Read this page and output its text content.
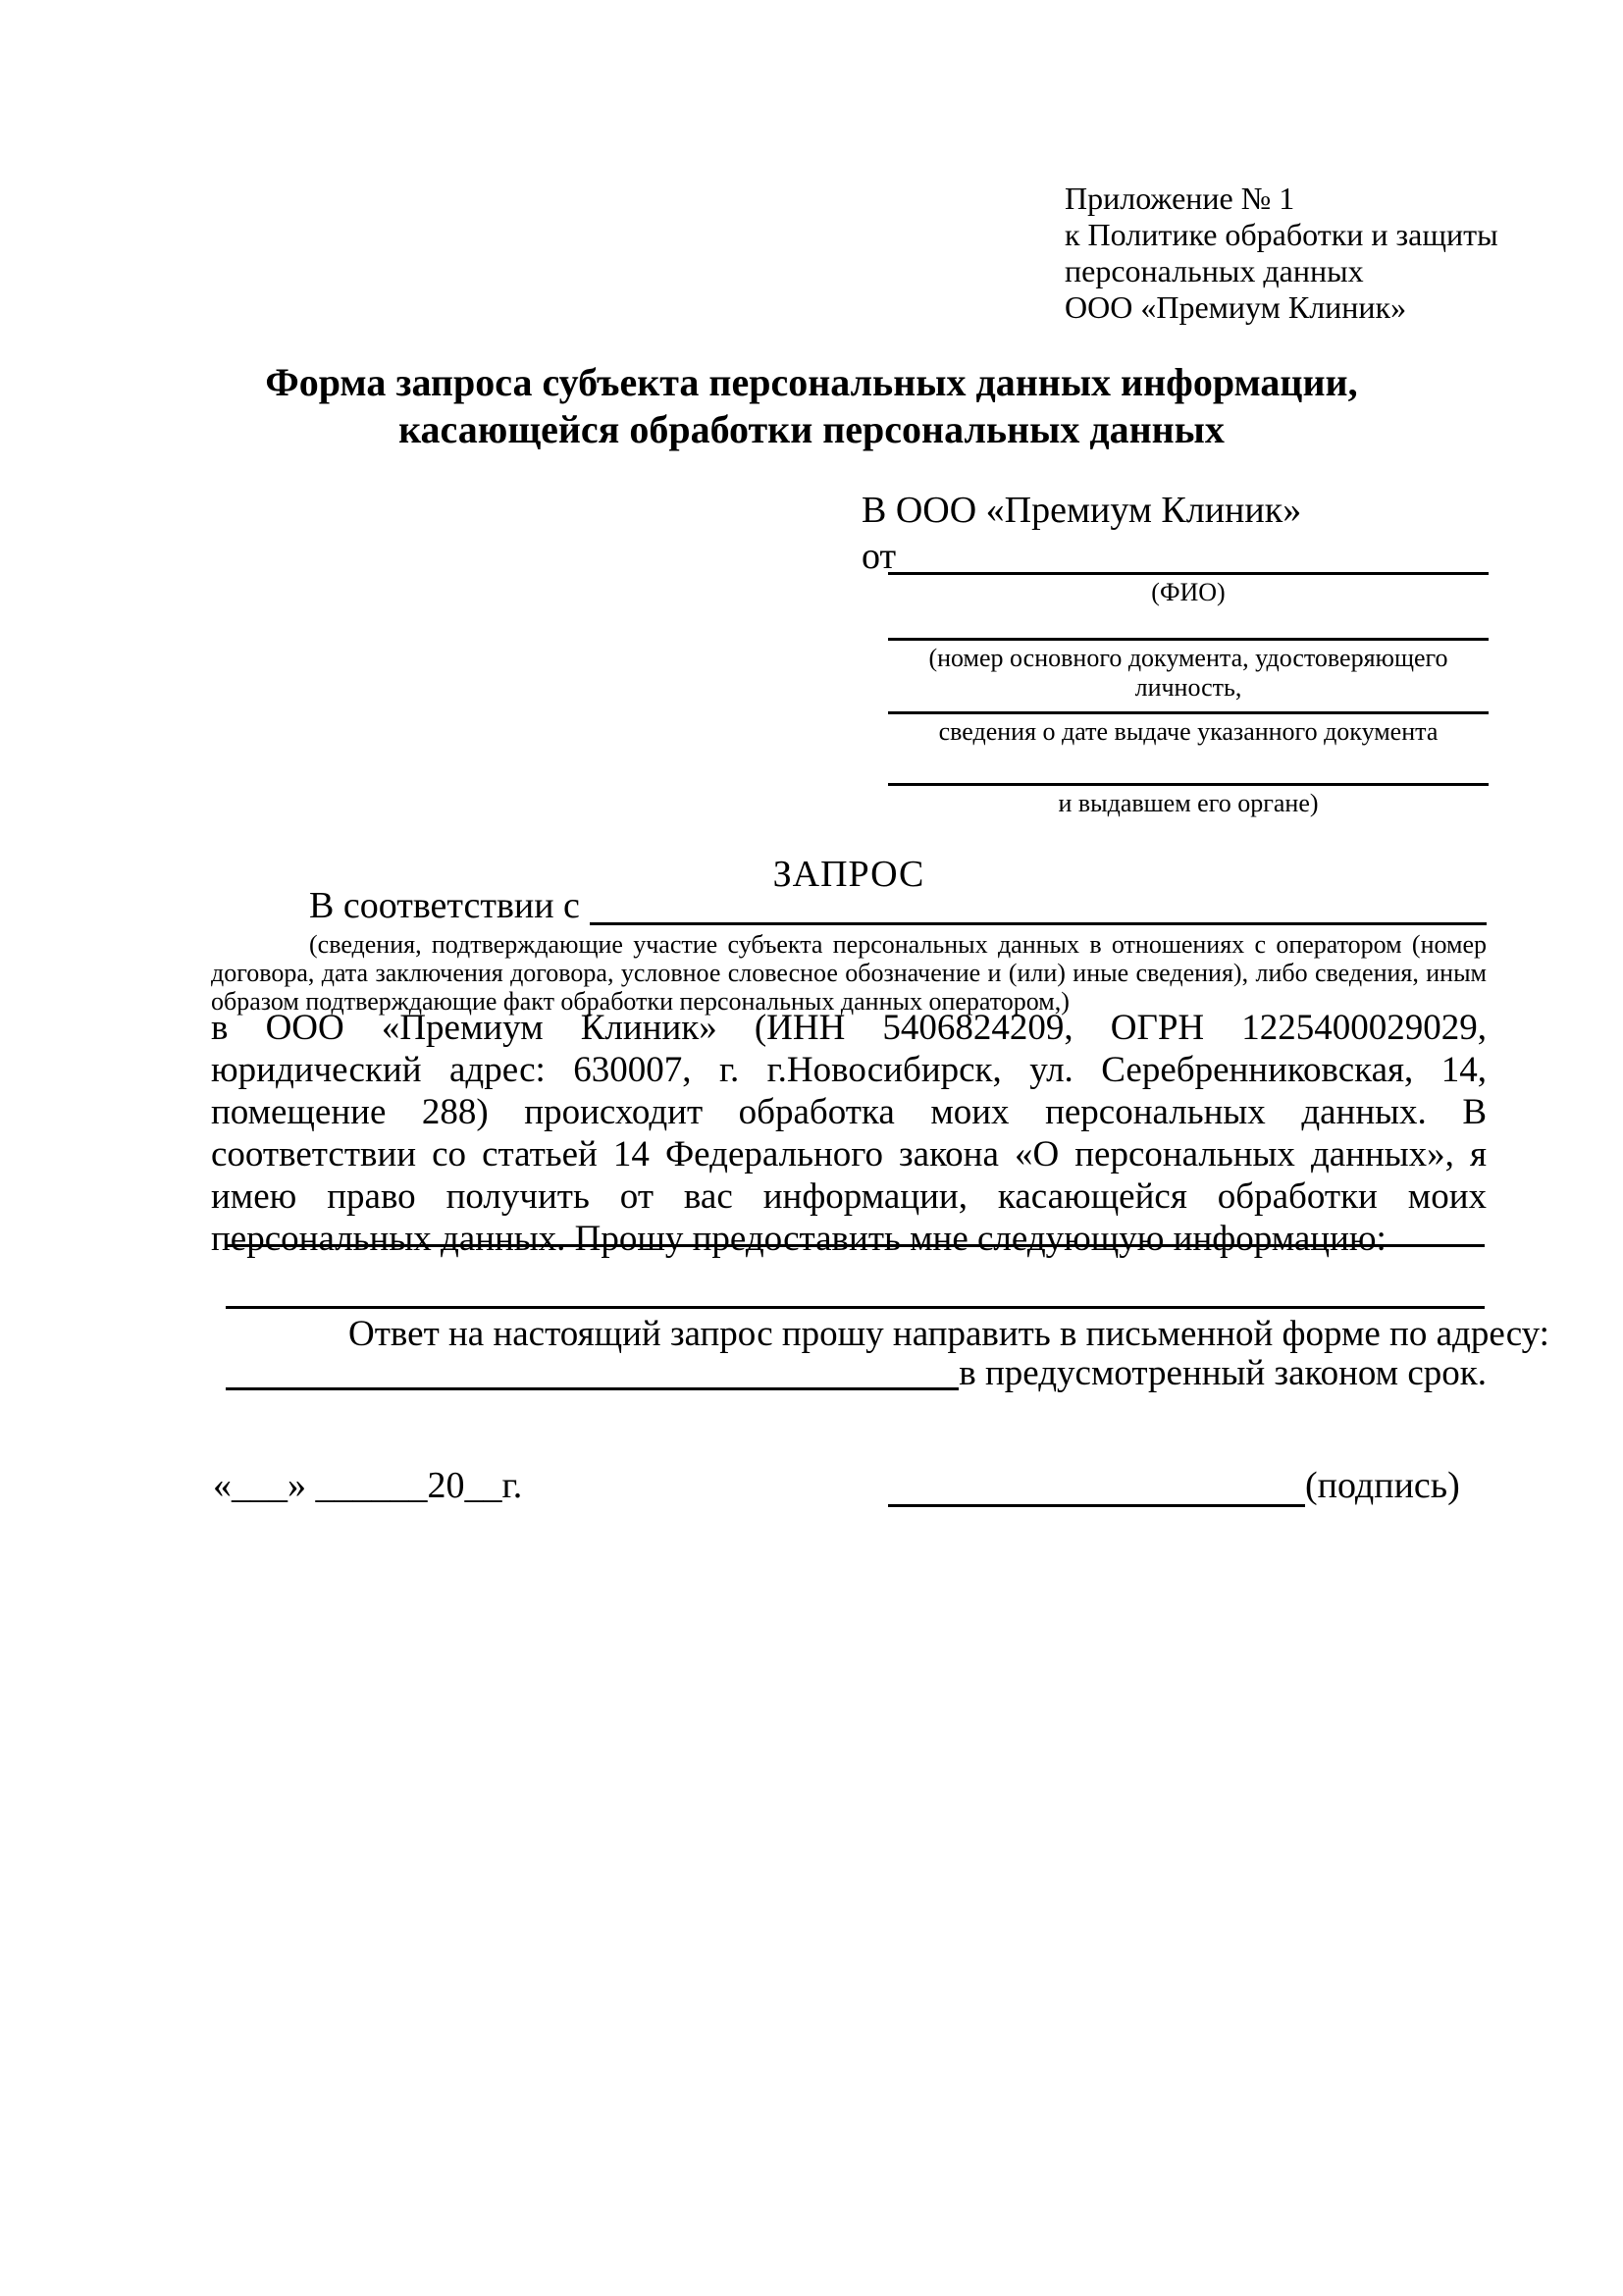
Приложение № 1
к Политике обработки и защиты
персональных данных
ООО «Премиум Клиник»
Форма запроса субъекта персональных данных информации,
касающейся обработки персональных данных
В ООО «Премиум Клиник»
от
(ФИО)
(номер основного документа, удостоверяющего личность,
сведения о дате выдаче указанного документа
и выдавшем его органе)
ЗАПРОС
В соответствии с

(сведения, подтверждающие участие субъекта персональных данных в отношениях с оператором (номер договора, дата заключения договора, условное словесное обозначение и (или) иные сведения), либо сведения, иным образом подтверждающие факт обработки персональных данных оператором,)

в ООО «Премиум Клиник» (ИНН 5406824209, ОГРН 1225400029029, юридический адрес: 630007, г. г.Новосибирск, ул. Серебренниковская, 14, помещение 288) происходит обработка моих персональных данных. В соответствии со статьей 14 Федерального закона «О персональных данных», я имею право получить от вас информации, касающейся обработки моих персональных данных. Прошу предоставить мне следующую информацию:

Ответ на настоящий запрос прошу направить в письменной форме по адресу:

в предусмотренный законом срок.
«___» ______20__г.	(подпись)
